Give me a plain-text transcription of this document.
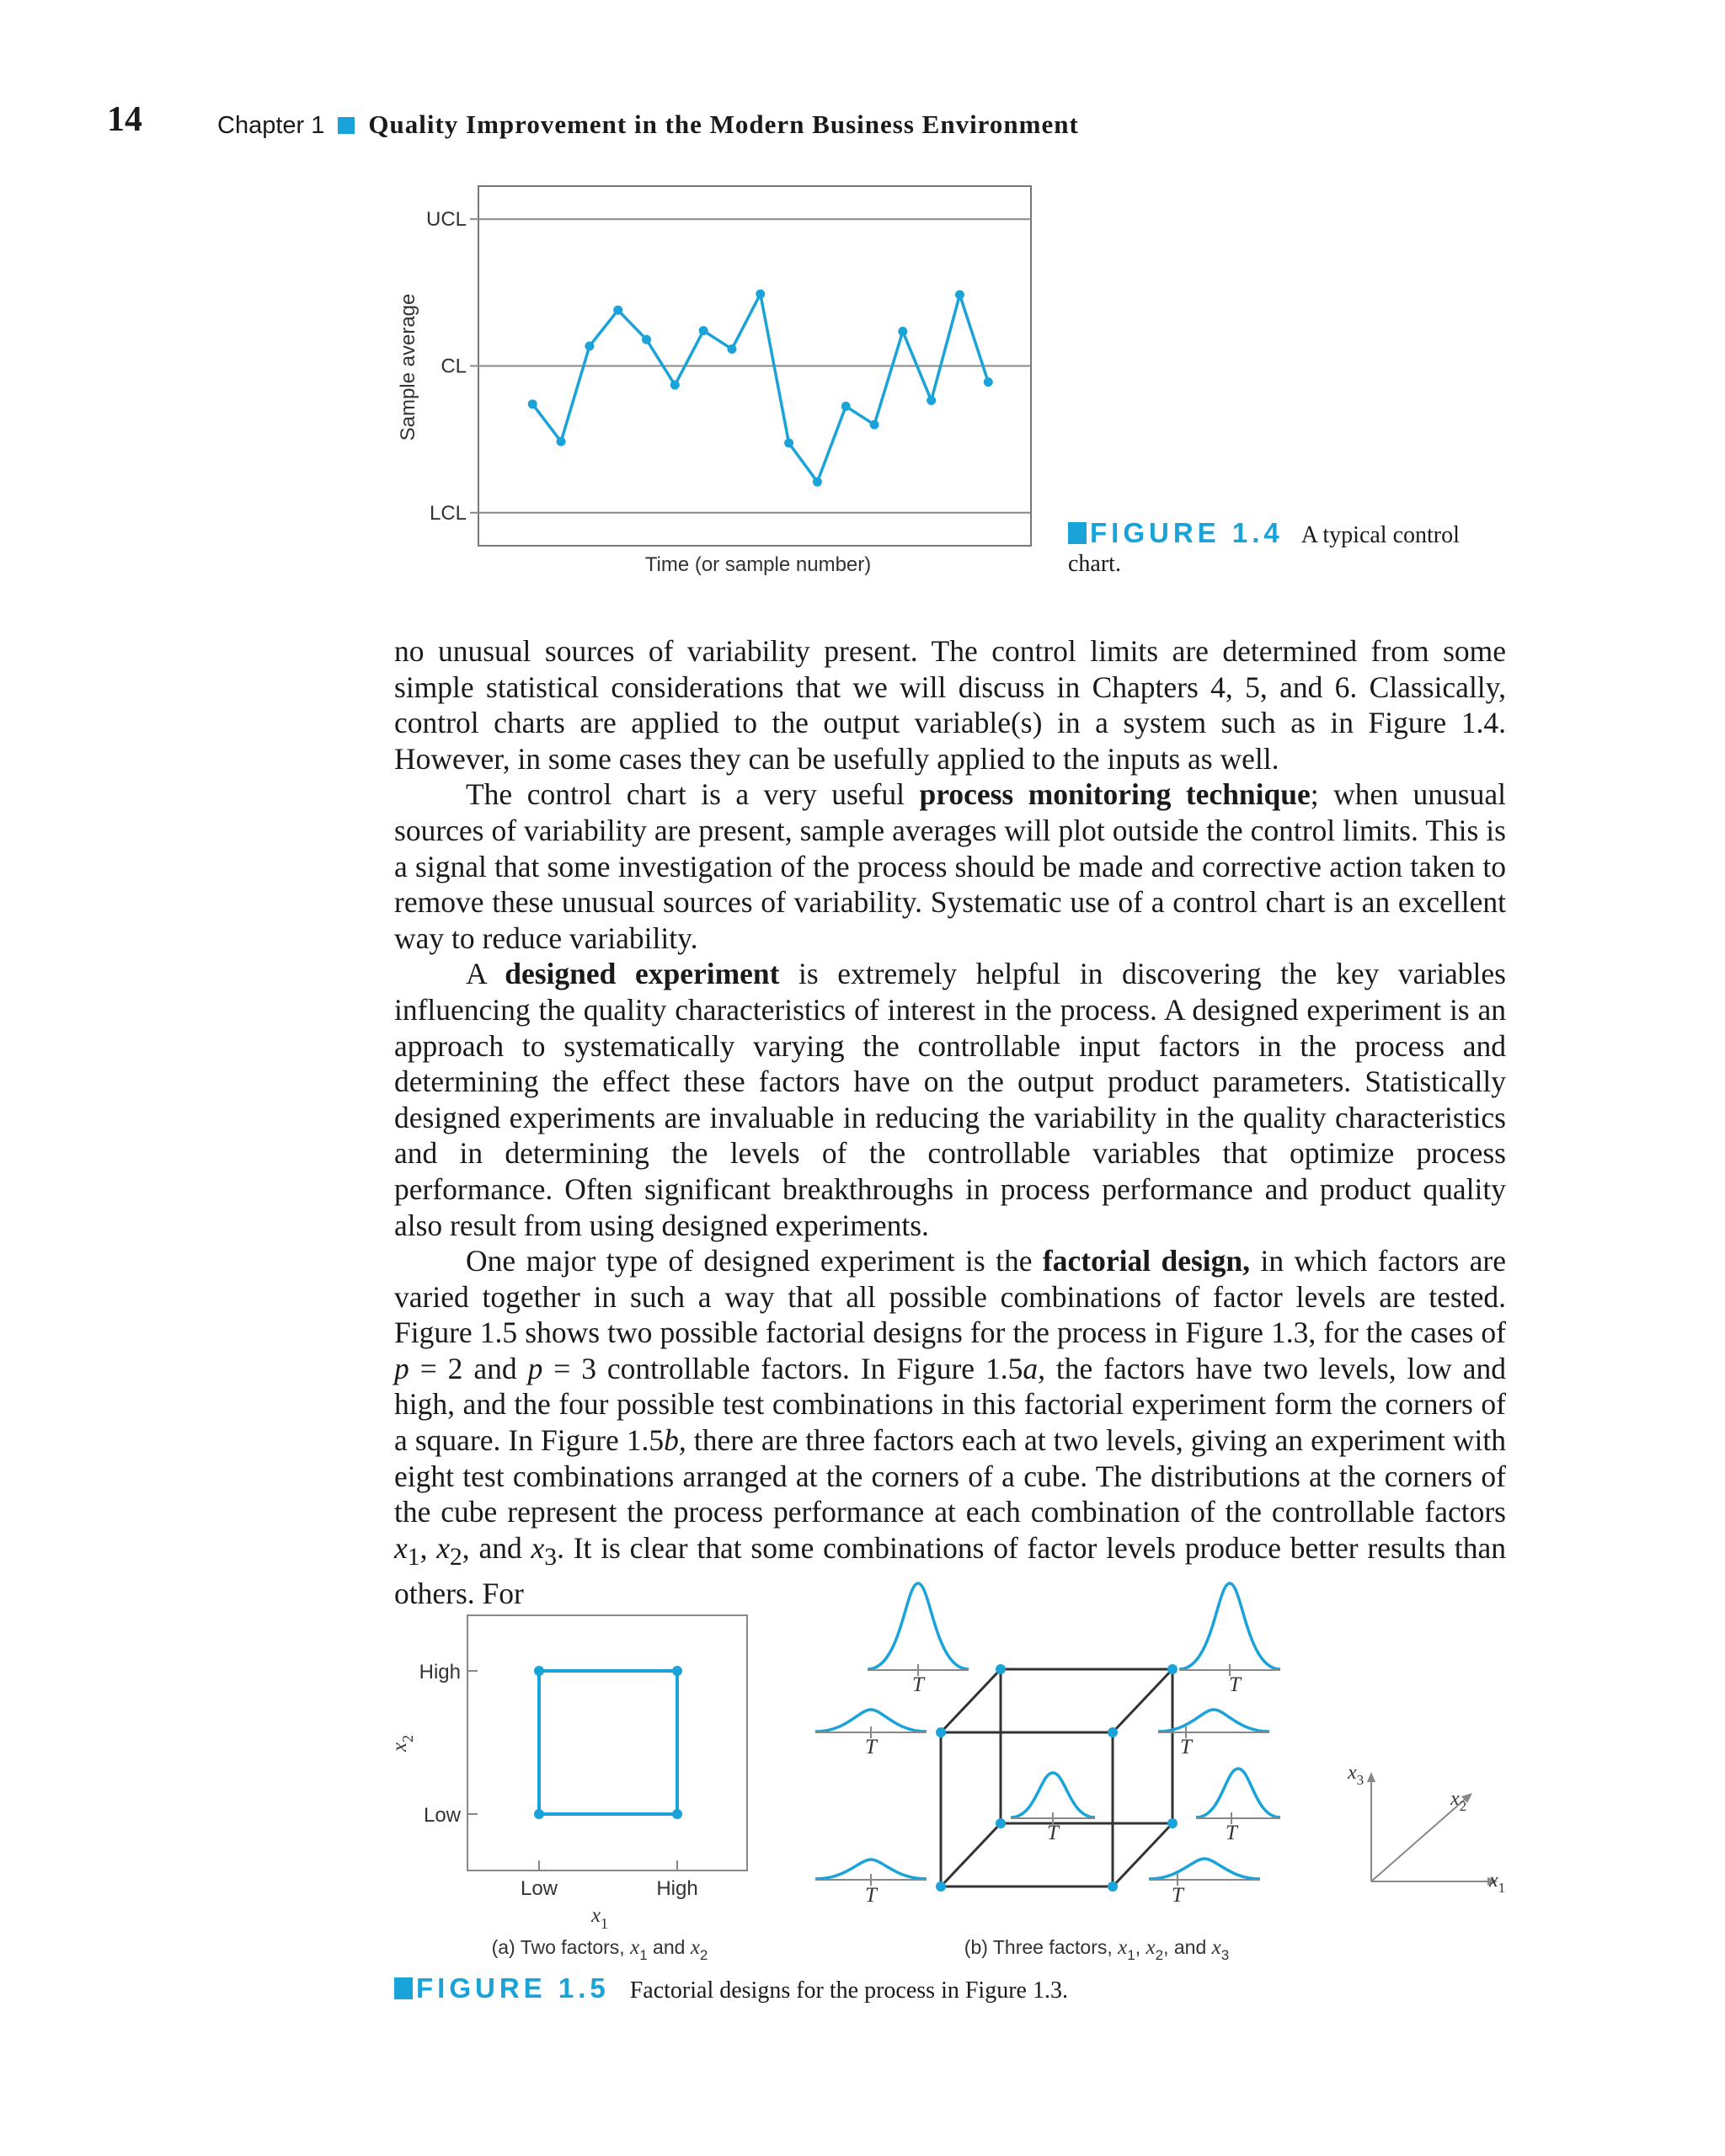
14	Chapter 1 Quality Improvement in the Modern Business Environment
UCL
CL
LCL
Time (or sample number)
Sample average
FIGURE 1.4 A typical control chart.

no unusual sources of variability present. The control limits are determined from some simple statistical considerations that we will discuss in Chapters 4, 5, and 6. Classically, control charts are applied to the output variable(s) in a system such as in Figure 1.4. However, in some cases they can be usefully applied to the inputs as well.

The control chart is a very useful process monitoring technique; when unusual sources of variability are present, sample averages will plot outside the control limits. This is a signal that some investigation of the process should be made and corrective action taken to remove these unusual sources of variability. Systematic use of a control chart is an excellent way to reduce variability.

A designed experiment is extremely helpful in discovering the key variables influencing the quality characteristics of interest in the process. A designed experiment is an approach to systematically varying the controllable input factors in the process and determining the effect these factors have on the output product parameters. Statistically designed experiments are invaluable in reducing the variability in the quality characteristics and in determining the levels of the controllable variables that optimize process performance. Often significant breakthroughs in process performance and product quality also result from using designed experiments.

One major type of designed experiment is the factorial design, in which factors are varied together in such a way that all possible combinations of factor levels are tested. Figure 1.5 shows two possible factorial designs for the process in Figure 1.3, for the cases of p = 2 and p = 3 controllable factors. In Figure 1.5a, the factors have two levels, low and high, and the four possible test combinations in this factorial experiment form the corners of a square. In Figure 1.5b, there are three factors each at two levels, giving an experiment with eight test combinations arranged at the corners of a cube. The distributions at the corners of the cube represent the process performance at each combination of the controllable factors $x_1$, $x_2$, and $x_3$. It is clear that some combinations of factor levels produce better results than others. For

High
Low
Low	High
$x_1$
$x_2$
(a) Two factors, $x_1$ and $x_2$
T	T
T	T
T	T
T	T
$x_3$
$x_2$
$x_1$
(b) Three factors, $x_1$, $x_2$, and $x_3$
FIGURE 1.5 Factorial designs for the process in Figure 1.3.
